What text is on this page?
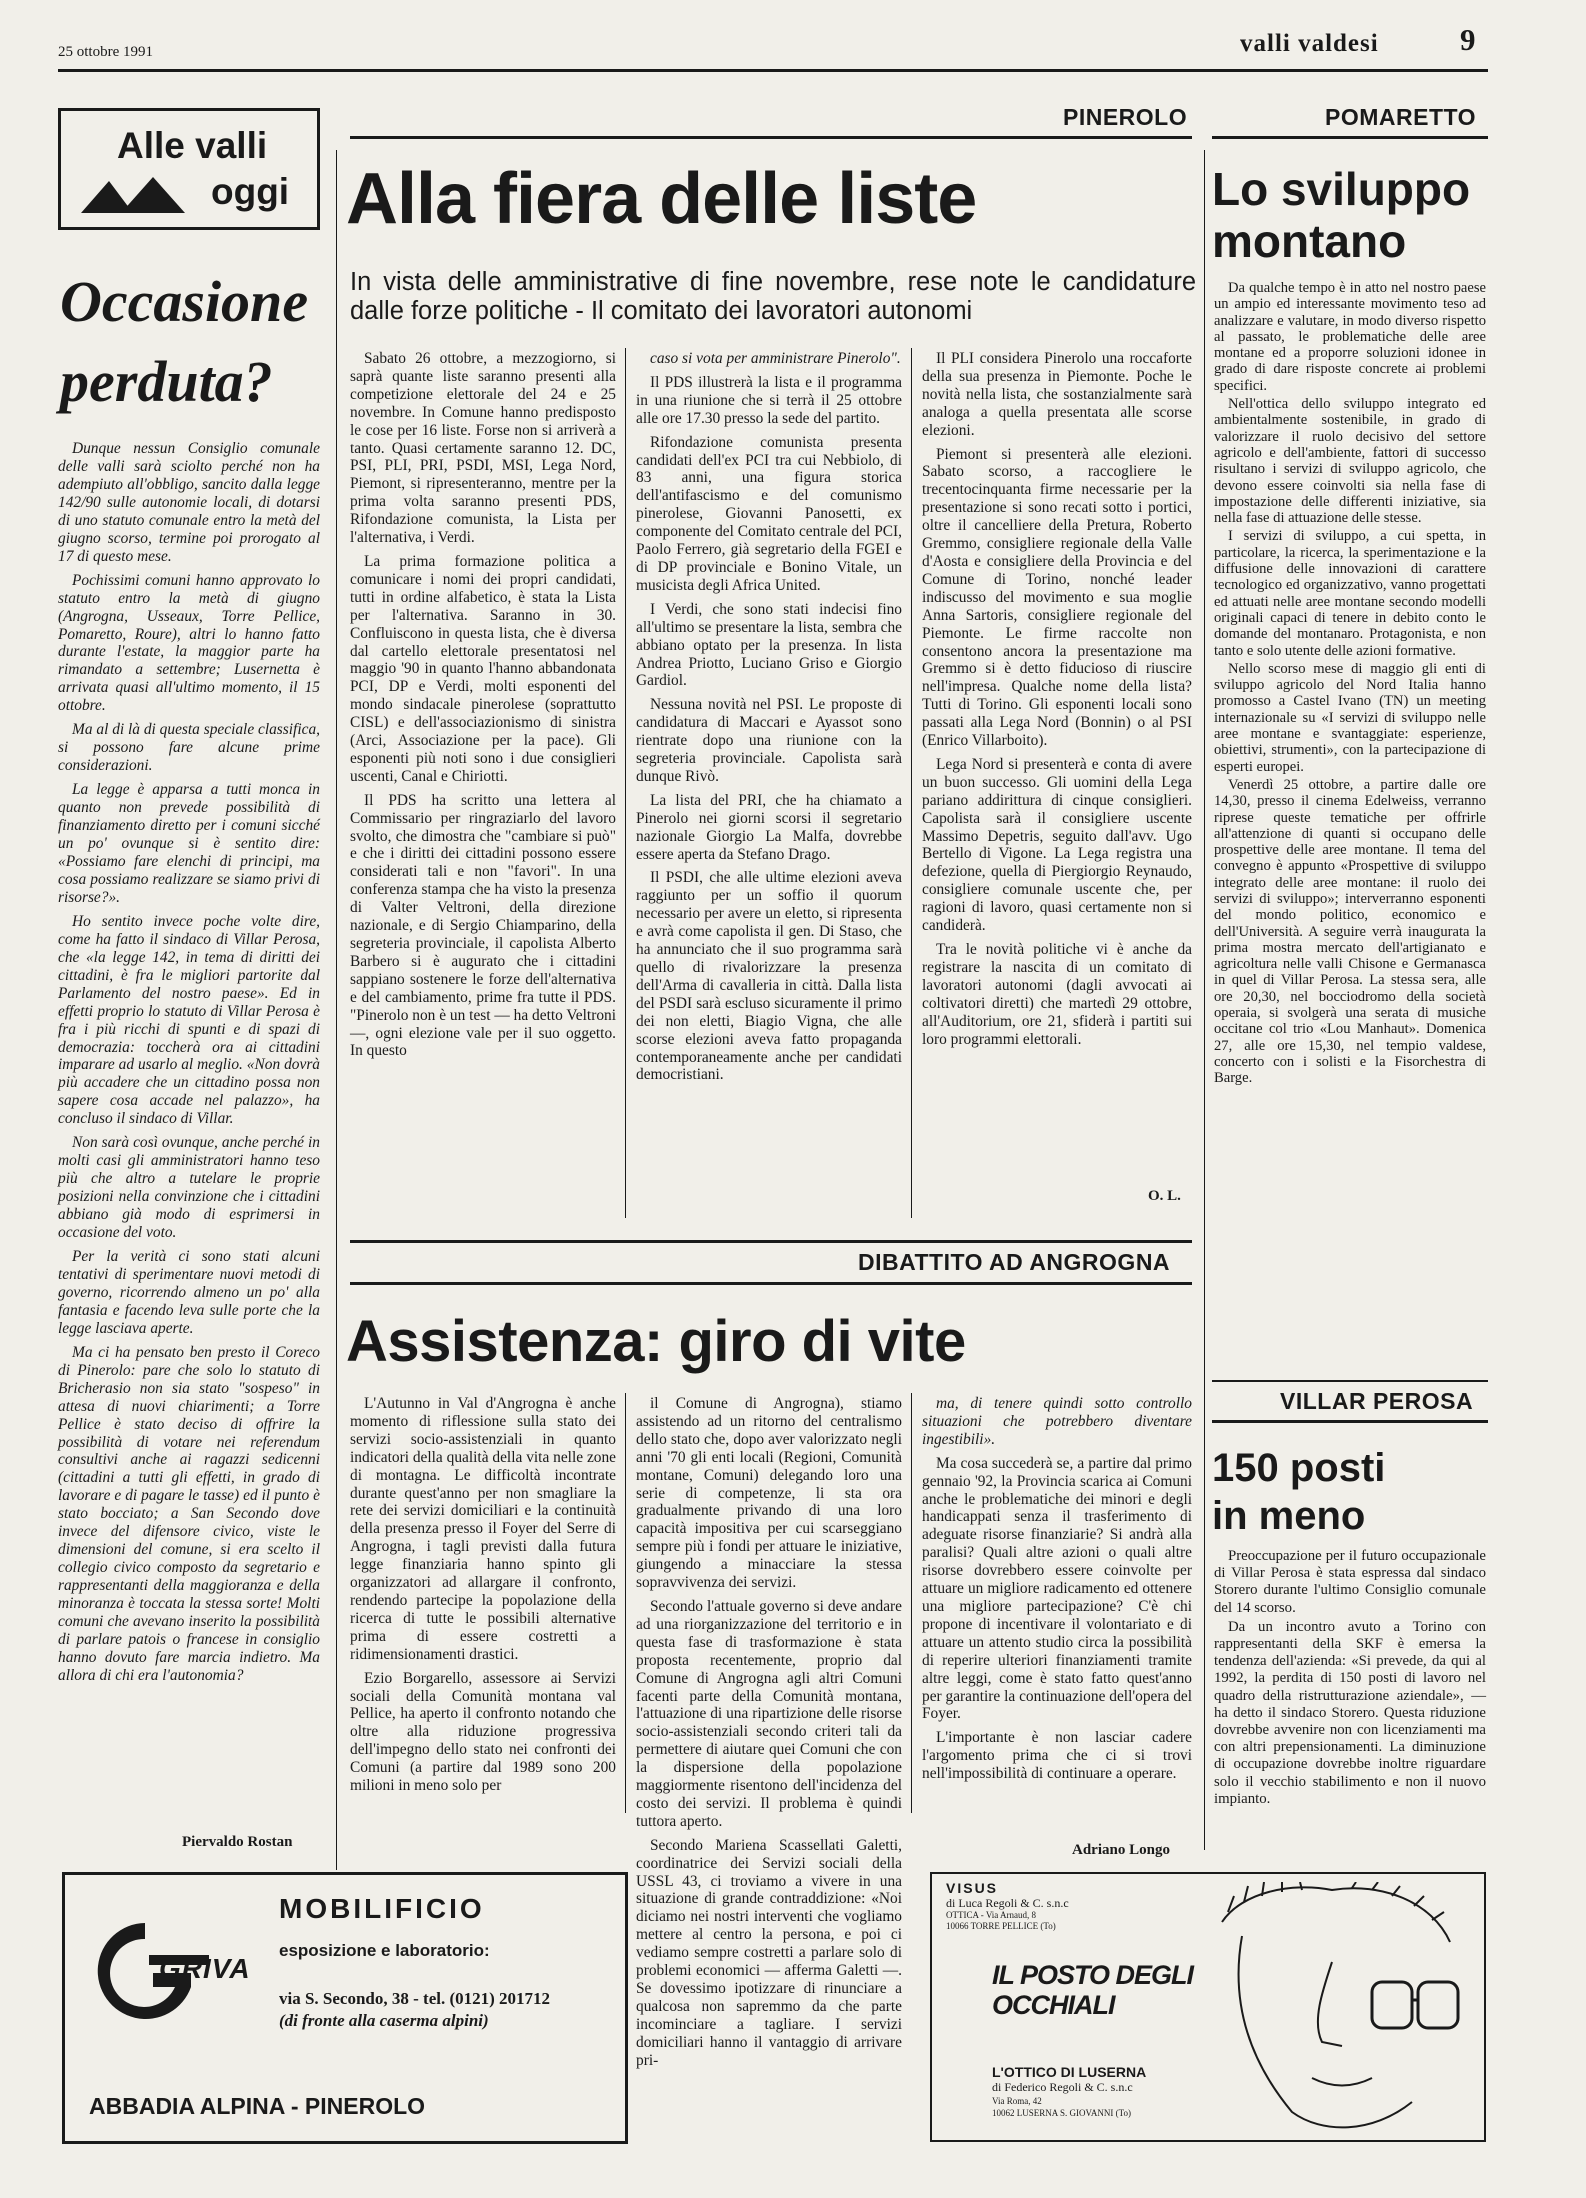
25 ottobre 1991	valli valdesi	9
PINEROLO	POMARETTO
Alle valli
oggi
Occasione
perduta?

Dunque nessun Consiglio comunale delle valli sarà sciolto perché non ha adempiuto all'obbligo, sancito dalla legge 142/90 sulle autonomie locali, di dotarsi di uno statuto comunale entro la metà del giugno scorso, termine poi prorogato al 17 di questo mese.

Pochissimi comuni hanno approvato lo statuto entro la metà di giugno (Angrogna, Usseaux, Torre Pellice, Pomaretto, Roure), altri lo hanno fatto durante l'estate, la maggior parte ha rimandato a settembre; Lusernetta è arrivata quasi all'ultimo momento, il 15 ottobre.

Ma al di là di questa speciale classifica, si possono fare alcune prime considerazioni.

La legge è apparsa a tutti monca in quanto non prevede possibilità di finanziamento diretto per i comuni sicché un po' ovunque si è sentito dire: «Possiamo fare elenchi di principi, ma cosa possiamo realizzare se siamo privi di risorse?».

Ho sentito invece poche volte dire, come ha fatto il sindaco di Villar Perosa, che «la legge 142, in tema di diritti dei cittadini, è fra le migliori partorite dal Parlamento del nostro paese». Ed in effetti proprio lo statuto di Villar Perosa è fra i più ricchi di spunti e di spazi di democrazia: toccherà ora ai cittadini imparare ad usarlo al meglio. «Non dovrà più accadere che un cittadino possa non sapere cosa accade nel palazzo», ha concluso il sindaco di Villar.

Non sarà così ovunque, anche perché in molti casi gli amministratori hanno teso più che altro a tutelare le proprie posizioni nella convinzione che i cittadini abbiano già modo di esprimersi in occasione del voto.

Per la verità ci sono stati alcuni tentativi di sperimentare nuovi metodi di governo, ricorrendo almeno un po' alla fantasia e facendo leva sulle porte che la legge lasciava aperte.

Ma ci ha pensato ben presto il Coreco di Pinerolo: pare che solo lo statuto di Bricherasio non sia stato "sospeso" in attesa di nuovi chiarimenti; a Torre Pellice è stato deciso di offrire la possibilità di votare nei referendum consultivi anche ai ragazzi sedicenni (cittadini a tutti gli effetti, in grado di lavorare e di pagare le tasse) ed il punto è stato bocciato; a San Secondo dove invece del difensore civico, viste le dimensioni del comune, si era scelto il collegio civico composto da segretario e rappresentanti della maggioranza e della minoranza è toccata la stessa sorte! Molti comuni che avevano inserito la possibilità di parlare patois o francese in consiglio hanno dovuto fare marcia indietro. Ma allora di chi era l'autonomia?

Piervaldo Rostan
Alla fiera delle liste
In vista delle amministrative di fine novembre, rese note le candidature dalle forze politiche - Il comitato dei lavoratori autonomi

Sabato 26 ottobre, a mezzogiorno, si saprà quante liste saranno presenti alla competizione elettorale del 24 e 25 novembre. In Comune hanno predisposto le cose per 16 liste. Forse non si arriverà a tanto. Quasi certamente saranno 12. DC, PSI, PLI, PRI, PSDI, MSI, Lega Nord, Piemont, si ripresenteranno, mentre per la prima volta saranno presenti PDS, Rifondazione comunista, la Lista per l'alternativa, i Verdi.

La prima formazione politica a comunicare i nomi dei propri candidati, tutti in ordine alfabetico, è stata la Lista per l'alternativa. Saranno in 30. Confluiscono in questa lista, che è diversa dal cartello elettorale presentatosi nel maggio '90 in quanto l'hanno abbandonata PCI, DP e Verdi, molti esponenti del mondo sindacale pinerolese (soprattutto CISL) e dell'associazionismo di sinistra (Arci, Associazione per la pace). Gli esponenti più noti sono i due consiglieri uscenti, Canal e Chiriotti.

Il PDS ha scritto una lettera al Commissario per ringraziarlo del lavoro svolto, che dimostra che "cambiare si può" e che i diritti dei cittadini possono essere considerati tali e non "favori". In una conferenza stampa che ha visto la presenza di Valter Veltroni, della direzione nazionale, e di Sergio Chiamparino, della segreteria provinciale, il capolista Alberto Barbero si è augurato che i cittadini sappiano sostenere le forze dell'alternativa e del cambiamento, prime fra tutte il PDS. "Pinerolo non è un test — ha detto Veltroni —, ogni elezione vale per il suo oggetto. In questo

caso si vota per amministrare Pinerolo".

Il PDS illustrerà la lista e il programma in una riunione che si terrà il 25 ottobre alle ore 17.30 presso la sede del partito.

Rifondazione comunista presenta candidati dell'ex PCI tra cui Nebbiolo, di 83 anni, una figura storica dell'antifascismo e del comunismo pinerolese, Giovanni Panosetti, ex componente del Comitato centrale del PCI, Paolo Ferrero, già segretario della FGEI e di DP provinciale e Bonino Vitale, un musicista degli Africa United.

I Verdi, che sono stati indecisi fino all'ultimo se presentare la lista, sembra che abbiano optato per la presenza. In lista Andrea Priotto, Luciano Griso e Giorgio Gardiol.

Nessuna novità nel PSI. Le proposte di candidatura di Maccari e Ayassot sono rientrate dopo una riunione con la segreteria provinciale. Capolista sarà dunque Rivò.

La lista del PRI, che ha chiamato a Pinerolo nei giorni scorsi il segretario nazionale Giorgio La Malfa, dovrebbe essere aperta da Stefano Drago.

Il PSDI, che alle ultime elezioni aveva raggiunto per un soffio il quorum necessario per avere un eletto, si ripresenta e avrà come capolista il gen. Di Staso, che ha annunciato che il suo programma sarà quello di rivalorizzare la presenza dell'Arma di cavalleria in città. Dalla lista del PSDI sarà escluso sicuramente il primo dei non eletti, Biagio Vigna, che alle scorse elezioni aveva fatto propaganda contemporaneamente anche per candidati democristiani.

Il PLI considera Pinerolo una roccaforte della sua presenza in Piemonte. Poche le novità nella lista, che sostanzialmente sarà analoga a quella presentata alle scorse elezioni.

Piemont si presenterà alle elezioni. Sabato scorso, a raccogliere le trecentocinquanta firme necessarie per la presentazione si sono recati sotto i portici, oltre il cancelliere della Pretura, Roberto Gremmo, consigliere regionale della Valle d'Aosta e consigliere della Provincia e del Comune di Torino, nonché leader indiscusso del movimento e sua moglie Anna Sartoris, consigliere regionale del Piemonte. Le firme raccolte non consentono ancora la presentazione ma Gremmo si è detto fiducioso di riuscire nell'impresa. Qualche nome della lista? Tutti di Torino. Gli esponenti locali sono passati alla Lega Nord (Bonnin) o al PSI (Enrico Villarboito).

Lega Nord si presenterà e conta di avere un buon successo. Gli uomini della Lega pariano addirittura di cinque consiglieri. Capolista sarà il consigliere uscente Massimo Depetris, seguito dall'avv. Ugo Bertello di Vigone. La Lega registra una defezione, quella di Piergiorgio Reynaudo, consigliere comunale uscente che, per ragioni di lavoro, quasi certamente non si candiderà.

Tra le novità politiche vi è anche da registrare la nascita di un comitato di lavoratori autonomi (dagli avvocati ai coltivatori diretti) che martedì 29 ottobre, all'Auditorium, ore 21, sfiderà i partiti sui loro programmi elettorali.

O. L.
DIBATTITO AD ANGROGNA
Assistenza: giro di vite

L'Autunno in Val d'Angrogna è anche momento di riflessione sulla stato dei servizi socio-assistenziali in quanto indicatori della qualità della vita nelle zone di montagna. Le difficoltà incontrate durante quest'anno per non smagliare la rete dei servizi domiciliari e la continuità della presenza presso il Foyer del Serre di Angrogna, i tagli previsti dalla futura legge finanziaria hanno spinto gli organizzatori ad allargare il confronto, rendendo partecipe la popolazione della ricerca di tutte le possibili alternative prima di essere costretti a ridimensionamenti drastici.

Ezio Borgarello, assessore ai Servizi sociali della Comunità montana val Pellice, ha aperto il confronto notando che oltre alla riduzione progressiva dell'impegno dello stato nei confronti dei Comuni (a partire dal 1989 sono 200 milioni in meno solo per

il Comune di Angrogna), stiamo assistendo ad un ritorno del centralismo dello stato che, dopo aver valorizzato negli anni '70 gli enti locali (Regioni, Comunità montane, Comuni) delegando loro una serie di competenze, li sta ora gradualmente privando di una loro capacità impositiva per cui scarseggiano sempre più i fondi per attuare le iniziative, giungendo a minacciare la stessa sopravvivenza dei servizi.

Secondo l'attuale governo si deve andare ad una riorganizzazione del territorio e in questa fase di trasformazione è stata proposta recentemente, proprio dal Comune di Angrogna agli altri Comuni facenti parte della Comunità montana, l'attuazione di una ripartizione delle risorse socio-assistenziali secondo criteri tali da permettere di aiutare quei Comuni che con la dispersione della popolazione maggiormente risentono dell'incidenza del costo dei servizi. Il problema è quindi tuttora aperto.

Secondo Mariena Scassellati Galetti, coordinatrice dei Servizi sociali della USSL 43, ci troviamo a vivere in una situazione di grande contraddizione: «Noi diciamo nei nostri interventi che vogliamo mettere al centro la persona, e poi ci vediamo sempre costretti a parlare solo di problemi economici — afferma Galetti —. Se dovessimo ipotizzare di rinunciare a qualcosa non sapremmo da che parte incominciare a tagliare. I servizi domiciliari hanno il vantaggio di arrivare pri-

ma, di tenere quindi sotto controllo situazioni che potrebbero diventare ingestibili».

Ma cosa succederà se, a partire dal primo gennaio '92, la Provincia scarica ai Comuni anche le problematiche dei minori e degli handicappati senza il trasferimento di adeguate risorse finanziarie? Si andrà alla paralisi? Quali altre azioni o quali altre risorse dovrebbero essere coinvolte per attuare un migliore radicamento ed ottenere una migliore partecipazione? C'è chi propone di incentivare il volontariato e di attuare un attento studio circa la possibilità di reperire ulteriori finanziamenti tramite altre leggi, come è stato fatto quest'anno per garantire la continuazione dell'opera del Foyer.

L'importante è non lasciar cadere l'argomento prima che ci si trovi nell'impossibilità di continuare a operare.

Adriano Longo
Lo sviluppo
montano

Da qualche tempo è in atto nel nostro paese un ampio ed interessante movimento teso ad analizzare e valutare, in modo diverso rispetto al passato, le problematiche delle aree montane ed a proporre soluzioni idonee in grado di dare risposte concrete ai problemi specifici.

Nell'ottica dello sviluppo integrato ed ambientalmente sostenibile, in grado di valorizzare il ruolo decisivo del settore agricolo e dell'ambiente, fattori di successo risultano i servizi di sviluppo agricolo, che devono essere coinvolti sia nella fase di impostazione delle differenti iniziative, sia nella fase di attuazione delle stesse.

I servizi di sviluppo, a cui spetta, in particolare, la ricerca, la sperimentazione e la diffusione delle innovazioni di carattere tecnologico ed organizzativo, vanno progettati ed attuati nelle aree montane secondo modelli originali capaci di tenere in debito conto le domande del montanaro. Protagonista, e non tanto e solo utente delle azioni formative.

Nello scorso mese di maggio gli enti di sviluppo agricolo del Nord Italia hanno promosso a Castel Ivano (TN) un meeting internazionale su «I servizi di sviluppo nelle aree montane e svantaggiate: esperienze, obiettivi, strumenti», con la partecipazione di esperti europei.

Venerdì 25 ottobre, a partire dalle ore 14,30, presso il cinema Edelweiss, verranno riprese queste tematiche per offrirle all'attenzione di quanti si occupano delle prospettive delle aree montane. Il tema del convegno è appunto «Prospettive di sviluppo integrato delle aree montane: il ruolo dei servizi di sviluppo»; interverranno esponenti del mondo politico, economico e dell'Università. A seguire verrà inaugurata la prima mostra mercato dell'artigianato e agricoltura nelle valli Chisone e Germanasca in quel di Villar Perosa. La stessa sera, alle ore 20,30, nel bocciodromo della società operaia, si svolgerà una serata di musiche occitane col trio «Lou Manhaut». Domenica 27, alle ore 15,30, nel tempio valdese, concerto con i solisti e la Fisorchestra di Barge.

VILLAR PEROSA
150 posti
in meno

Preoccupazione per il futuro occupazionale di Villar Perosa è stata espressa dal sindaco Storero durante l'ultimo Consiglio comunale del 14 scorso.

Da un incontro avuto a Torino con rappresentanti della SKF è emersa la tendenza dell'azienda: «Si prevede, da qui al 1992, la perdita di 150 posti di lavoro nel quadro della ristrutturazione aziendale», — ha detto il sindaco Storero. Questa riduzione dovrebbe avvenire non con licenziamenti ma con altri prepensionamenti. La diminuzione di occupazione dovrebbe inoltre riguardare solo il vecchio stabilimento e non il nuovo impianto.

GRIVA
MOBILIFICIO
esposizione e laboratorio:
via S. Secondo, 38 - tel. (0121) 201712
(di fronte alla caserma alpini)
ABBADIA ALPINA - PINEROLO
VISUS
di Luca Regoli & C. s.n.c
OTTICA - Via Arnaud, 8
10066 TORRE PELLICE (To)
IL POSTO DEGLI OCCHIALI
L'OTTICO DI LUSERNA
di Federico Regoli & C. s.n.c
Via Roma, 42
10062 LUSERNA S. GIOVANNI (To)
